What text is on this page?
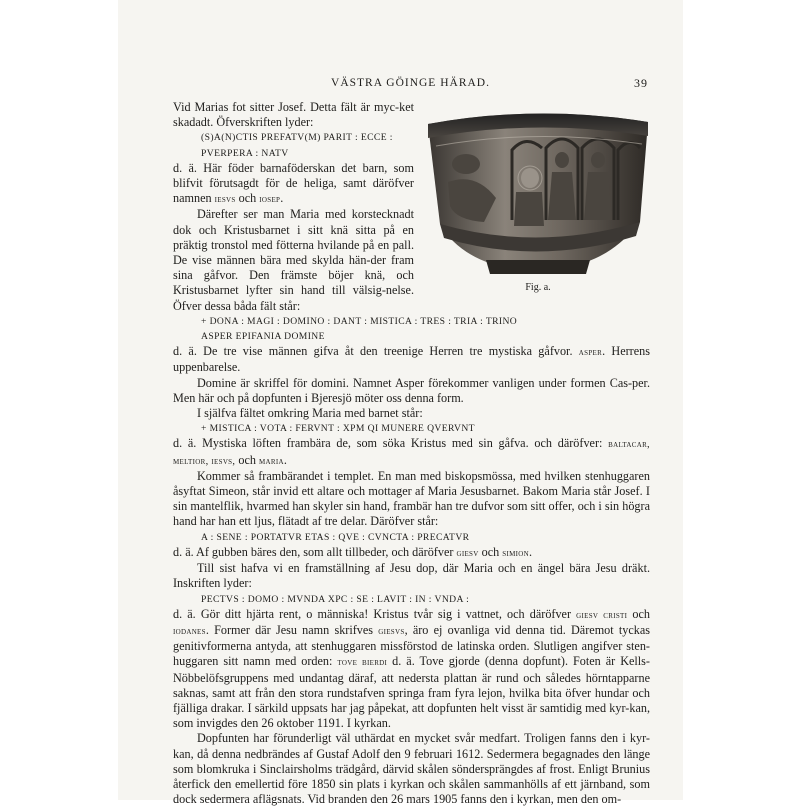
VÄSTRA GÖINGE HÄRAD.	39
Fig. a.

Vid Marias fot sitter Josef. Detta fält är myc-ket skadadt. Öfverskriften lyder:

(S)A(N)CTIS PREFATV(M) PARIT : ECCE :

PVERPERA : NATV

d. ä. Här föder barnaföderskan det barn, som blifvit förutsagdt för de heliga, samt däröfver namnen iesvs och iosep.

Därefter ser man Maria med korstecknadt dok och Kristusbarnet i sitt knä sitta på en präktig tronstol med fötterna hvilande på en pall. De vise männen bära med skylda hän-der fram sina gåfvor. Den främste böjer knä, och Kristusbarnet lyfter sin hand till välsig-nelse. Öfver dessa båda fält står:

+ DONA : MAGI : DOMINO : DANT : MISTICA : TRES : TRIA : TRINO

ASPER EPIFANIA DOMINE

d. ä. De tre vise männen gifva åt den treenige Herren tre mystiska gåfvor. asper. Herrens uppenbarelse.

Domine är skriffel för domini. Namnet Asper förekommer vanligen under formen Cas-per. Men här och på dopfunten i Bjeresjö möter oss denna form.

I själfva fältet omkring Maria med barnet står:

+ MISTICA : VOTA : FERVNT : XPM QI MUNERE QVERVNT

d. ä. Mystiska löften frambära de, som söka Kristus med sin gåfva. och däröfver: baltacar, meltior, iesvs, och maria.

Kommer så frambärandet i templet. En man med biskopsmössa, med hvilken stenhuggaren åsyftat Simeon, står invid ett altare och mottager af Maria Jesusbarnet. Bakom Maria står Josef. I sin mantelflik, hvarmed han skyler sin hand, frambär han tre dufvor som sitt offer, och i sin högra hand har han ett ljus, flätadt af tre delar. Däröfver står:

A : SENE : PORTATVR ETAS : QVE : CVNCTA : PRECATVR

d. ä. Af gubben bäres den, som allt tillbeder, och däröfver giesv och simion.

Till sist hafva vi en framställning af Jesu dop, där Maria och en ängel bära Jesu dräkt. Inskriften lyder:

PECTVS : DOMO : MVNDA XPC : SE : LAVIT : IN : VNDA :

d. ä. Gör ditt hjärta rent, o människa! Kristus tvår sig i vattnet, och däröfver giesv cristi och iodanes. Former där Jesu namn skrifves giesvs, äro ej ovanliga vid denna tid. Däremot tyckas genitivformerna antyda, att stenhuggaren missförstod de latinska orden. Slutligen angifver sten-huggaren sitt namn med orden: tove bierdi d. ä. Tove gjorde (denna dopfunt). Foten är Kells-Nöbbelöfsgruppens med undantag däraf, att nedersta plattan är rund och således hörntapparne saknas, samt att från den stora rundstafven springa fram fyra lejon, hvilka bita öfver hundar och fjälliga drakar. I särkild uppsats har jag påpekat, att dopfunten helt visst är samtidig med kyr-kan, som invigdes den 26 oktober 1191. I kyrkan.

Dopfunten har förunderligt väl uthärdat en mycket svår medfart. Troligen fanns den i kyr-kan, då denna nedbrändes af Gustaf Adolf den 9 februari 1612. Sedermera begagnades den länge som blomkruka i Sinclairsholms trädgård, därvid skålen söndersprängdes af frost. Enligt Brunius återfick den emellertid före 1850 sin plats i kyrkan och skålen sammanhölls af ett järnband, som dock sedermera aflägsnats. Vid branden den 26 mars 1905 fanns den i kyrkan, men den om-
